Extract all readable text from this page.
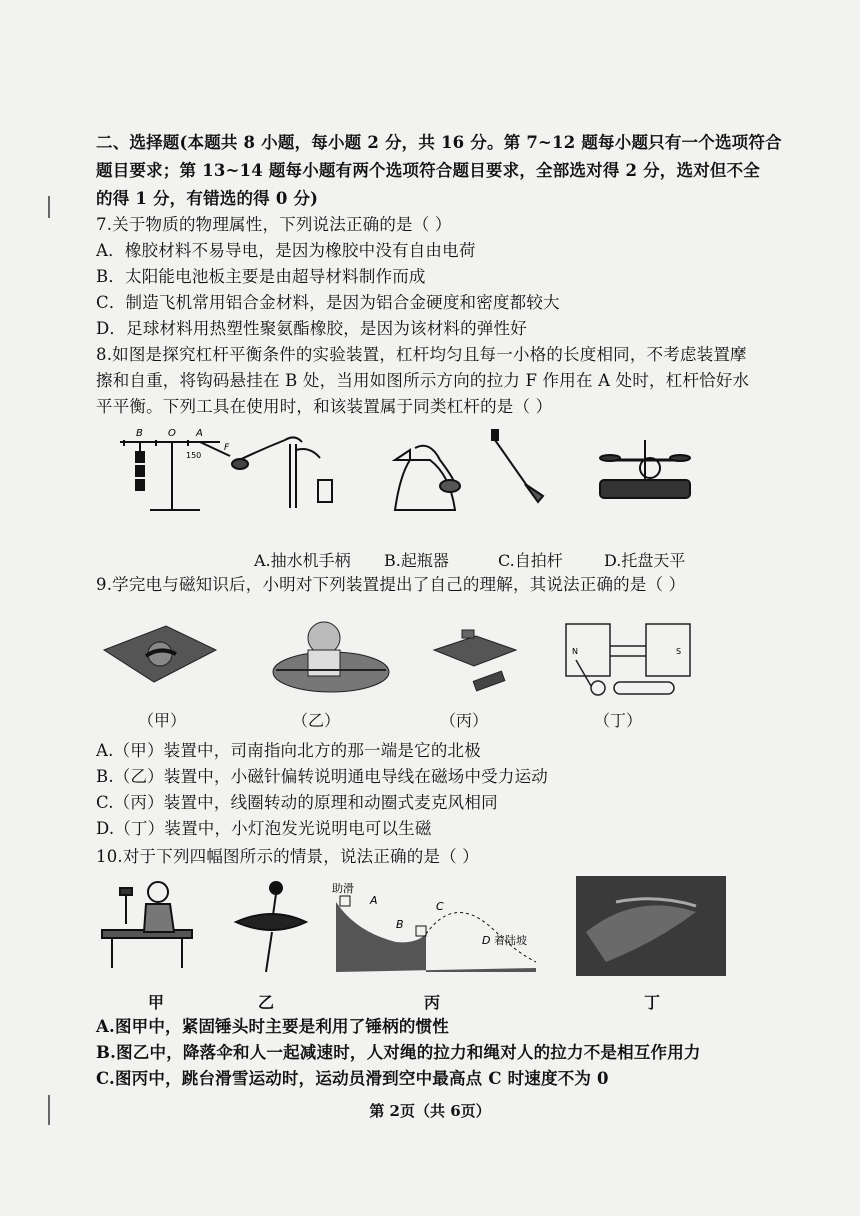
二、选择题(本题共 8 小题，每小题 2 分，共 16 分。第 7~12 题每小题只有一个选项符合
题目要求；第 13~14 题每小题有两个选项符合题目要求，全部选对得 2 分，选对但不全
的得 1 分，有错选的得 0 分)
7.关于物质的物理属性，下列说法正确的是（ ）
A．橡胶材料不易导电，是因为橡胶中没有自由电荷
B．太阳能电池板主要是由超导材料制作而成
C．制造飞机常用铝合金材料，是因为铝合金硬度和密度都较大
D．足球材料用热塑性聚氨酯橡胶，是因为该材料的弹性好
8.如图是探究杠杆平衡条件的实验装置，杠杆均匀且每一小格的长度相同，不考虑装置摩
擦和自重，将钩码悬挂在 B 处，当用如图所示方向的拉力 F 作用在 A 处时，杠杆恰好水
平平衡。下列工具在使用时，和该装置属于同类杠杆的是（ ）
B	O A
150
F
A.抽水机手柄 B.起瓶器	C.自拍杆	D.托盘天平
9.学完电与磁知识后，小明对下列装置提出了自己的理解，其说法正确的是（ ）
N	S
（甲）	（乙）	（丙）	（丁）
A.（甲）装置中，司南指向北方的那一端是它的北极
B.（乙）装置中，小磁针偏转说明通电导线在磁场中受力运动
C.（丙）装置中，线圈转动的原理和动圈式麦克风相同
D.（丁）装置中，小灯泡发光说明电可以生磁
10.对于下列四幅图所示的情景，说法正确的是（ ）
助滑
A
B
C
D 着陆坡
甲	乙	丙	丁
A.图甲中，紧固锤头时主要是利用了锤柄的惯性
B.图乙中，降落伞和人一起减速时，人对绳的拉力和绳对人的拉力不是相互作用力
C.图丙中，跳台滑雪运动时，运动员滑到空中最高点 C 时速度不为 0
第 2页（共 6页）
